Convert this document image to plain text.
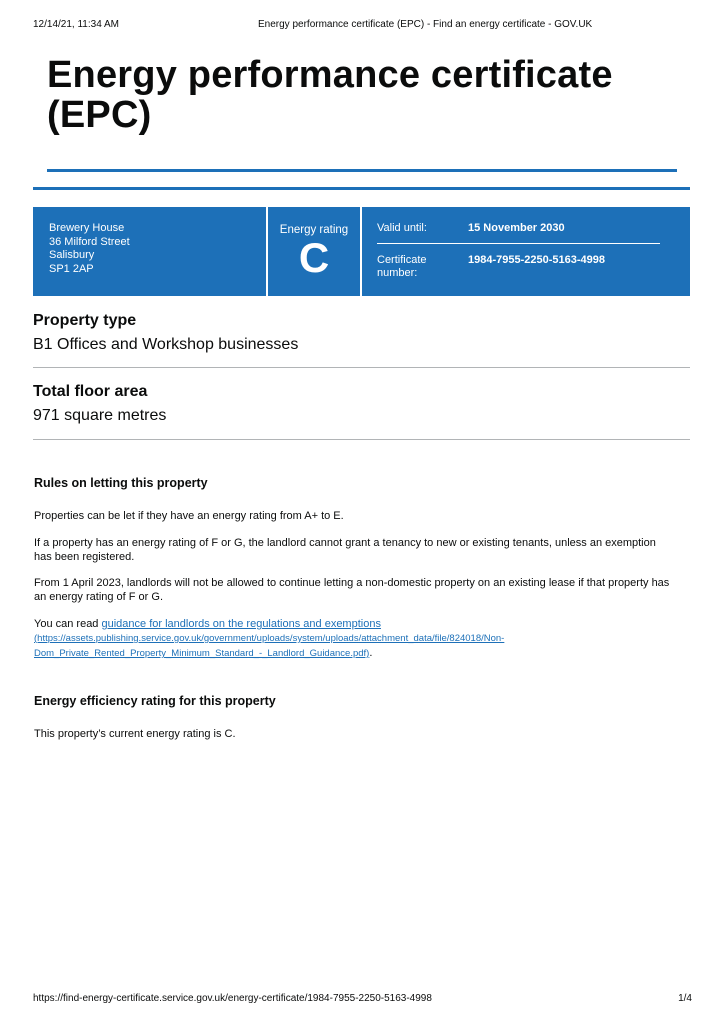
12/14/21, 11:34 AM	Energy performance certificate (EPC) - Find an energy certificate - GOV.UK
Energy performance certificate (EPC)
Brewery House
36 Milford Street
Salisbury
SP1 2AP
Energy rating
C
Valid until:	15 November 2030
Certificate
number:
1984-7955-2250-5163-4998
Property type
B1 Offices and Workshop businesses
Total floor area
971 square metres
Rules on letting this property
Properties can be let if they have an energy rating from A+ to E.
If a property has an energy rating of F or G, the landlord cannot grant a tenancy to new or existing tenants, unless an exemption has been registered.
From 1 April 2023, landlords will not be allowed to continue letting a non-domestic property on an existing lease if that property has an energy rating of F or G.
You can read guidance for landlords on the regulations and exemptions
(https://assets.publishing.service.gov.uk/government/uploads/system/uploads/attachment_data/file/824018/Non-
Dom_Private_Rented_Property_Minimum_Standard_-_Landlord_Guidance.pdf).
Energy efficiency rating for this property
This property’s current energy rating is C.
https://find-energy-certificate.service.gov.uk/energy-certificate/1984-7955-2250-5163-4998	1/4
